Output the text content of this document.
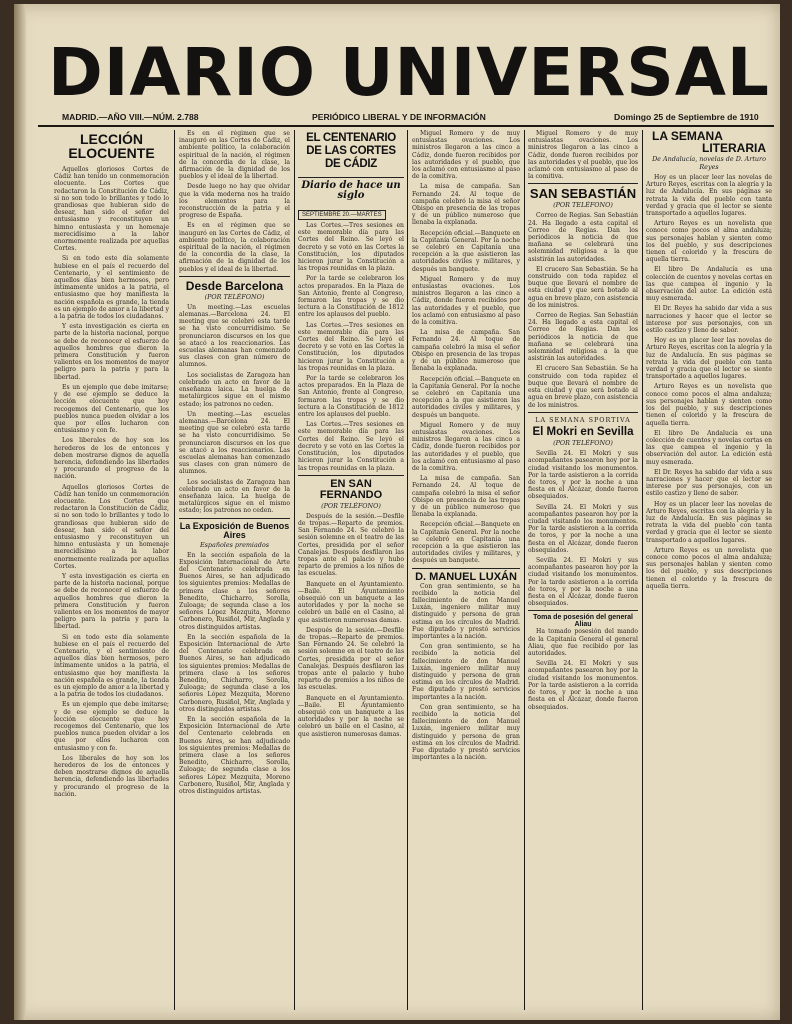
DIARIO UNIVERSAL
MADRID.—AÑO VIII.—NÚM. 2.788	PERIÓDICO LIBERAL Y DE INFORMACIÓN	Domingo 25 de Septiembre de 1910
LECCIÓN ELOCUENTE

Aquellos gloriosos Cortes de Cádiz han tenido un conmemoración elocuente. Los Cortes que redactaron la Constitución de Cádiz, si no son todo lo brillantes y todo lo grandiosas que hubieran sido de desear, han sido el señor del entusiasmo y reconstituyen un himno entusiasta y un homenaje merecidísimo a la labor enormemente realizada por aquellas Cortes.

Si en todo este día solamente hubiese en el país el recuerdo del Centenario, y el sentimiento de aquellos días bien hermosos, pero íntimamente unidos a la patria, el entusiasmo que hoy manifiesta la nación española es grande, la tienda es un ejemplo de amor a la libertad y a la patria de todos los ciudadanos.

Y esta investigación es cierta en parte de la historia nacional, porque se debe de reconocer el esfuerzo de aquellos hombres que dieron la primera Constitución y fueron valientes en los momentos de mayor peligro para la patria y para la libertad.

Es un ejemplo que debe imitarse; y de ese ejemplo se deduce la lección elocuente que hoy recogemos del Centenario, que los pueblos nunca pueden olvidar a los que por ellos lucharon con entusiasmo y con fe.

Los liberales de hoy son los herederos de los de entonces y deben mostrarse dignos de aquella herencia, defendiendo las libertades y procurando el progreso de la nación.

Aquellos gloriosos Cortes de Cádiz han tenido un conmemoración elocuente. Los Cortes que redactaron la Constitución de Cádiz, si no son todo lo brillantes y todo lo grandiosas que hubieran sido de desear, han sido el señor del entusiasmo y reconstituyen un himno entusiasta y un homenaje merecidísimo a la labor enormemente realizada por aquellas Cortes.

Y esta investigación es cierta en parte de la historia nacional, porque se debe de reconocer el esfuerzo de aquellos hombres que dieron la primera Constitución y fueron valientes en los momentos de mayor peligro para la patria y para la libertad.

Si en todo este día solamente hubiese en el país el recuerdo del Centenario, y el sentimiento de aquellos días bien hermosos, pero íntimamente unidos a la patria, el entusiasmo que hoy manifiesta la nación española es grande, la tienda es un ejemplo de amor a la libertad y a la patria de todos los ciudadanos.

Es un ejemplo que debe imitarse; y de ese ejemplo se deduce la lección elocuente que hoy recogemos del Centenario, que los pueblos nunca pueden olvidar a los que por ellos lucharon con entusiasmo y con fe.

Los liberales de hoy son los herederos de los de entonces y deben mostrarse dignos de aquella herencia, defendiendo las libertades y procurando el progreso de la nación.

Es en el régimen que se inauguró en las Cortes de Cádiz, el ambiente político, la colaboración espiritual de la nación, el régimen de la concordia de la clase, la afirmación de la dignidad de los pueblos y el ideal de la libertad.

Desde luego no hay que olvidar que la vida moderna nos ha traído los elementos para la reconstrucción de la patria y el progreso de España.

Es en el régimen que se inauguró en las Cortes de Cádiz, el ambiente político, la colaboración espiritual de la nación, el régimen de la concordia de la clase, la afirmación de la dignidad de los pueblos y el ideal de la libertad.

Desde Barcelona
(POR TELÉFONO)

Un meeting.—Las escuelas alemanas.—Barcelona 24. El meeting que se celebró esta tarde se ha visto concurridísimo. Se pronunciaron discursos en los que se atacó a los reaccionarios. Las escuelas alemanas han comenzado sus clases con gran número de alumnos.

Los socialistas de Zaragoza han celebrado un acto en favor de la enseñanza laica. La huelga de metalúrgicos sigue en el mismo estado; los patronos no ceden.

Un meeting.—Las escuelas alemanas.—Barcelona 24. El meeting que se celebró esta tarde se ha visto concurridísimo. Se pronunciaron discursos en los que se atacó a los reaccionarios. Las escuelas alemanas han comenzado sus clases con gran número de alumnos.

Los socialistas de Zaragoza han celebrado un acto en favor de la enseñanza laica. La huelga de metalúrgicos sigue en el mismo estado; los patronos no ceden.

La Exposición de Buenos Aires
Españoles premiados

En la sección española de la Exposición Internacional de Arte del Centenario celebrada en Buenos Aires, se han adjudicado los siguientes premios: Medallas de primera clase a los señores Benedito, Chicharro, Sorolla, Zuloaga; de segunda clase a los señores López Mezquita, Moreno Carbonero, Rusiñol, Mir, Anglada y otros distinguidos artistas.

En la sección española de la Exposición Internacional de Arte del Centenario celebrada en Buenos Aires, se han adjudicado los siguientes premios: Medallas de primera clase a los señores Benedito, Chicharro, Sorolla, Zuloaga; de segunda clase a los señores López Mezquita, Moreno Carbonero, Rusiñol, Mir, Anglada y otros distinguidos artistas.

En la sección española de la Exposición Internacional de Arte del Centenario celebrada en Buenos Aires, se han adjudicado los siguientes premios: Medallas de primera clase a los señores Benedito, Chicharro, Sorolla, Zuloaga; de segunda clase a los señores López Mezquita, Moreno Carbonero, Rusiñol, Mir, Anglada y otros distinguidos artistas.

EL CENTENARIO DE LAS CORTES DE CÁDIZ
Diario de hace un siglo
SEPTIEMBRE 20.—MARTES

Las Cortes.—Tres sesiones en este memorable día para las Cortes del Reino. Se leyó el decreto y se votó en las Cortes la Constitución, los diputados hicieron jurar la Constitución a las tropas reunidas en la plaza.

Por la tarde se celebraron los actos preparados. En la Plaza de San Antonio, frente al Congreso, formaron las tropas y se dio lectura a la Constitución de 1812 entre los aplausos del pueblo.

Las Cortes.—Tres sesiones en este memorable día para las Cortes del Reino. Se leyó el decreto y se votó en las Cortes la Constitución, los diputados hicieron jurar la Constitución a las tropas reunidas en la plaza.

Por la tarde se celebraron los actos preparados. En la Plaza de San Antonio, frente al Congreso, formaron las tropas y se dio lectura a la Constitución de 1812 entre los aplausos del pueblo.

Las Cortes.—Tres sesiones en este memorable día para las Cortes del Reino. Se leyó el decreto y se votó en las Cortes la Constitución, los diputados hicieron jurar la Constitución a las tropas reunidas en la plaza.

EN SAN FERNANDO
(POR TELÉFONO)

Después de la sesión.—Desfile de tropas.—Reparto de premios. San Fernando 24. Se celebró la sesión solemne en el teatro de las Cortes, presidida por el señor Canalejas. Después desfilaron las tropas ante el palacio y hubo reparto de premios a los niños de las escuelas.

Banquete en el Ayuntamiento.—Baile. El Ayuntamiento obsequió con un banquete a las autoridades y por la noche se celebró un baile en el Casino, al que asistieron numerosas damas.

Después de la sesión.—Desfile de tropas.—Reparto de premios. San Fernando 24. Se celebró la sesión solemne en el teatro de las Cortes, presidida por el señor Canalejas. Después desfilaron las tropas ante el palacio y hubo reparto de premios a los niños de las escuelas.

Banquete en el Ayuntamiento.—Baile. El Ayuntamiento obsequió con un banquete a las autoridades y por la noche se celebró un baile en el Casino, al que asistieron numerosas damas.

Miguel Romero y de muy entusiastas ovaciones. Los ministros llegaron a las cinco a Cádiz, donde fueron recibidos por las autoridades y el pueblo, que los aclamó con entusiasmo al paso de la comitiva.

La misa de campaña. San Fernando 24. Al toque de campaña celebró la misa el señor Obispo en presencia de las tropas y de un público numeroso que llenaba la explanada.

Recepción oficial.—Banquete en la Capitanía General. Por la noche se celebró en Capitanía una recepción a la que asistieron las autoridades civiles y militares, y después un banquete.

Miguel Romero y de muy entusiastas ovaciones. Los ministros llegaron a las cinco a Cádiz, donde fueron recibidos por las autoridades y el pueblo, que los aclamó con entusiasmo al paso de la comitiva.

La misa de campaña. San Fernando 24. Al toque de campaña celebró la misa el señor Obispo en presencia de las tropas y de un público numeroso que llenaba la explanada.

Recepción oficial.—Banquete en la Capitanía General. Por la noche se celebró en Capitanía una recepción a la que asistieron las autoridades civiles y militares, y después un banquete.

Miguel Romero y de muy entusiastas ovaciones. Los ministros llegaron a las cinco a Cádiz, donde fueron recibidos por las autoridades y el pueblo, que los aclamó con entusiasmo al paso de la comitiva.

La misa de campaña. San Fernando 24. Al toque de campaña celebró la misa el señor Obispo en presencia de las tropas y de un público numeroso que llenaba la explanada.

Recepción oficial.—Banquete en la Capitanía General. Por la noche se celebró en Capitanía una recepción a la que asistieron las autoridades civiles y militares, y después un banquete.

D. MANUEL LUXÁN

Con gran sentimiento, se ha recibido la noticia del fallecimiento de don Manuel Luxán, ingeniero militar muy distinguido y persona de gran estima en los círculos de Madrid. Fue diputado y prestó servicios importantes a la nación.

Con gran sentimiento, se ha recibido la noticia del fallecimiento de don Manuel Luxán, ingeniero militar muy distinguido y persona de gran estima en los círculos de Madrid. Fue diputado y prestó servicios importantes a la nación.

Con gran sentimiento, se ha recibido la noticia del fallecimiento de don Manuel Luxán, ingeniero militar muy distinguido y persona de gran estima en los círculos de Madrid. Fue diputado y prestó servicios importantes a la nación.

Miguel Romero y de muy entusiastas ovaciones. Los ministros llegaron a las cinco a Cádiz, donde fueron recibidos por las autoridades y el pueblo, que los aclamó con entusiasmo al paso de la comitiva.

SAN SEBASTIÁN
(POR TELÉFONO)

Correo de Regias. San Sebastián 24. Ha llegado a esta capital el Correo de Regias. Dan los periódicos la noticia de que mañana se celebrará una solemnidad religiosa a la que asistirán las autoridades.

El crucero San Sebastián. Se ha construido con toda rapidez el buque que llevará el nombre de esta ciudad y que será botado al agua en breve plazo, con asistencia de los ministros.

Correo de Regias. San Sebastián 24. Ha llegado a esta capital el Correo de Regias. Dan los periódicos la noticia de que mañana se celebrará una solemnidad religiosa a la que asistirán las autoridades.

El crucero San Sebastián. Se ha construido con toda rapidez el buque que llevará el nombre de esta ciudad y que será botado al agua en breve plazo, con asistencia de los ministros.

LA SEMANA SPORTIVA
El Mokri en Sevilla
(POR TELÉFONO)

Sevilla 24. El Mokri y sus acompañantes pasearon hoy por la ciudad visitando los monumentos. Por la tarde asistieron a la corrida de toros, y por la noche a una fiesta en el Alcázar, donde fueron obsequiados.

Sevilla 24. El Mokri y sus acompañantes pasearon hoy por la ciudad visitando los monumentos. Por la tarde asistieron a la corrida de toros, y por la noche a una fiesta en el Alcázar, donde fueron obsequiados.

Sevilla 24. El Mokri y sus acompañantes pasearon hoy por la ciudad visitando los monumentos. Por la tarde asistieron a la corrida de toros, y por la noche a una fiesta en el Alcázar, donde fueron obsequiados.

Toma de posesión del general Aliau

Ha tomado posesión del mando de la Capitanía General el general Aliau, que fue recibido por las autoridades.

Sevilla 24. El Mokri y sus acompañantes pasearon hoy por la ciudad visitando los monumentos. Por la tarde asistieron a la corrida de toros, y por la noche a una fiesta en el Alcázar, donde fueron obsequiados.

LA SEMANA
LITERARIA
De Andalucía, novelas de D. Arturo Reyes

Hoy es un placer leer las novelas de Arturo Reyes, escritas con la alegría y la luz de Andalucía. En sus páginas se retrata la vida del pueblo con tanta verdad y gracia que el lector se siente transportado a aquellos lugares.

Arturo Reyes es un novelista que conoce como pocos el alma andaluza; sus personajes hablan y sienten como los del pueblo, y sus descripciones tienen el colorido y la frescura de aquella tierra.

El libro De Andalucía es una colección de cuentos y novelas cortas en las que campea el ingenio y la observación del autor. La edición está muy esmerada.

El Dr. Reyes ha sabido dar vida a sus narraciones y hacer que el lector se interese por sus personajes, con un estilo castizo y lleno de sabor.

Hoy es un placer leer las novelas de Arturo Reyes, escritas con la alegría y la luz de Andalucía. En sus páginas se retrata la vida del pueblo con tanta verdad y gracia que el lector se siente transportado a aquellos lugares.

Arturo Reyes es un novelista que conoce como pocos el alma andaluza; sus personajes hablan y sienten como los del pueblo, y sus descripciones tienen el colorido y la frescura de aquella tierra.

El libro De Andalucía es una colección de cuentos y novelas cortas en las que campea el ingenio y la observación del autor. La edición está muy esmerada.

El Dr. Reyes ha sabido dar vida a sus narraciones y hacer que el lector se interese por sus personajes, con un estilo castizo y lleno de sabor.

Hoy es un placer leer las novelas de Arturo Reyes, escritas con la alegría y la luz de Andalucía. En sus páginas se retrata la vida del pueblo con tanta verdad y gracia que el lector se siente transportado a aquellos lugares.

Arturo Reyes es un novelista que conoce como pocos el alma andaluza; sus personajes hablan y sienten como los del pueblo, y sus descripciones tienen el colorido y la frescura de aquella tierra.
